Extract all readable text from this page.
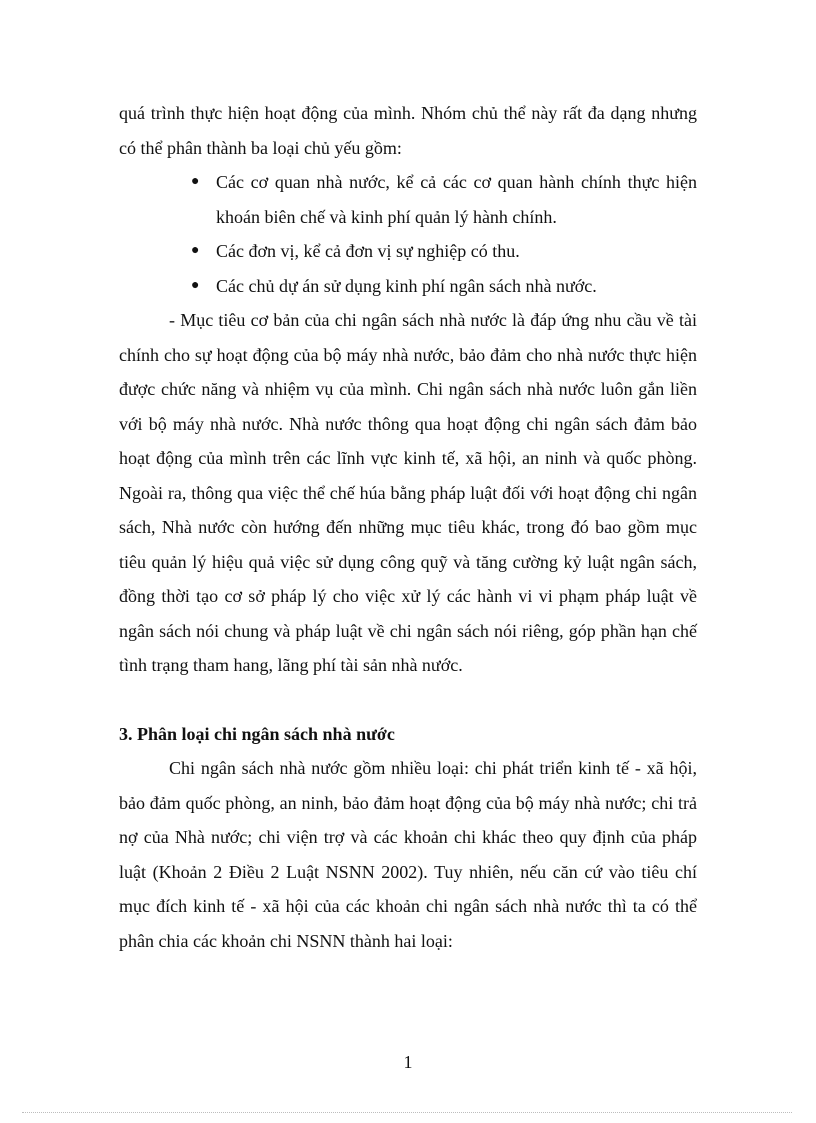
quá trình thực hiện hoạt động của mình. Nhóm chủ thể này rất đa dạng nhưng có thể phân thành ba loại chủ yếu gồm:

● Các cơ quan nhà nước, kể cả các cơ quan hành chính thực hiện khoán biên chế và kinh phí quản lý hành chính.
● Các đơn vị, kể cả đơn vị sự nghiệp có thu.
● Các chủ dự án sử dụng kinh phí ngân sách nhà nước.

- Mục tiêu cơ bản của chi ngân sách nhà nước là đáp ứng nhu cầu về tài chính cho sự hoạt động của bộ máy nhà nước, bảo đảm cho nhà nước thực hiện được chức năng và nhiệm vụ của mình. Chi ngân sách nhà nước luôn gắn liền với bộ máy nhà nước. Nhà nước thông qua hoạt động chi ngân sách đảm bảo hoạt động của mình trên các lĩnh vực kinh tế, xã hội, an ninh và quốc phòng. Ngoài ra, thông qua việc thể chế húa bằng pháp luật đối với hoạt động chi ngân sách, Nhà nước còn hướng đến những mục tiêu khác, trong đó bao gồm mục tiêu quản lý hiệu quả việc sử dụng công quỹ và tăng cường kỷ luật ngân sách, đồng thời tạo cơ sở pháp lý cho việc xử lý các hành vi vi phạm pháp luật về ngân sách nói chung và pháp luật về chi ngân sách nói riêng, góp phần hạn chế tình trạng tham hang, lãng phí tài sản nhà nước.

3. Phân loại chi ngân sách nhà nước

Chi ngân sách nhà nước gồm nhiều loại: chi phát triển kinh tế - xã hội, bảo đảm quốc phòng, an ninh, bảo đảm hoạt động của bộ máy nhà nước; chi trả nợ của Nhà nước; chi viện trợ và các khoản chi khác theo quy định của pháp luật (Khoản 2 Điều 2 Luật NSNN 2002). Tuy nhiên, nếu căn cứ vào tiêu chí mục đích kinh tế - xã hội của các khoản chi ngân sách nhà nước thì ta có thể phân chia các khoản chi NSNN thành hai loại:

1
